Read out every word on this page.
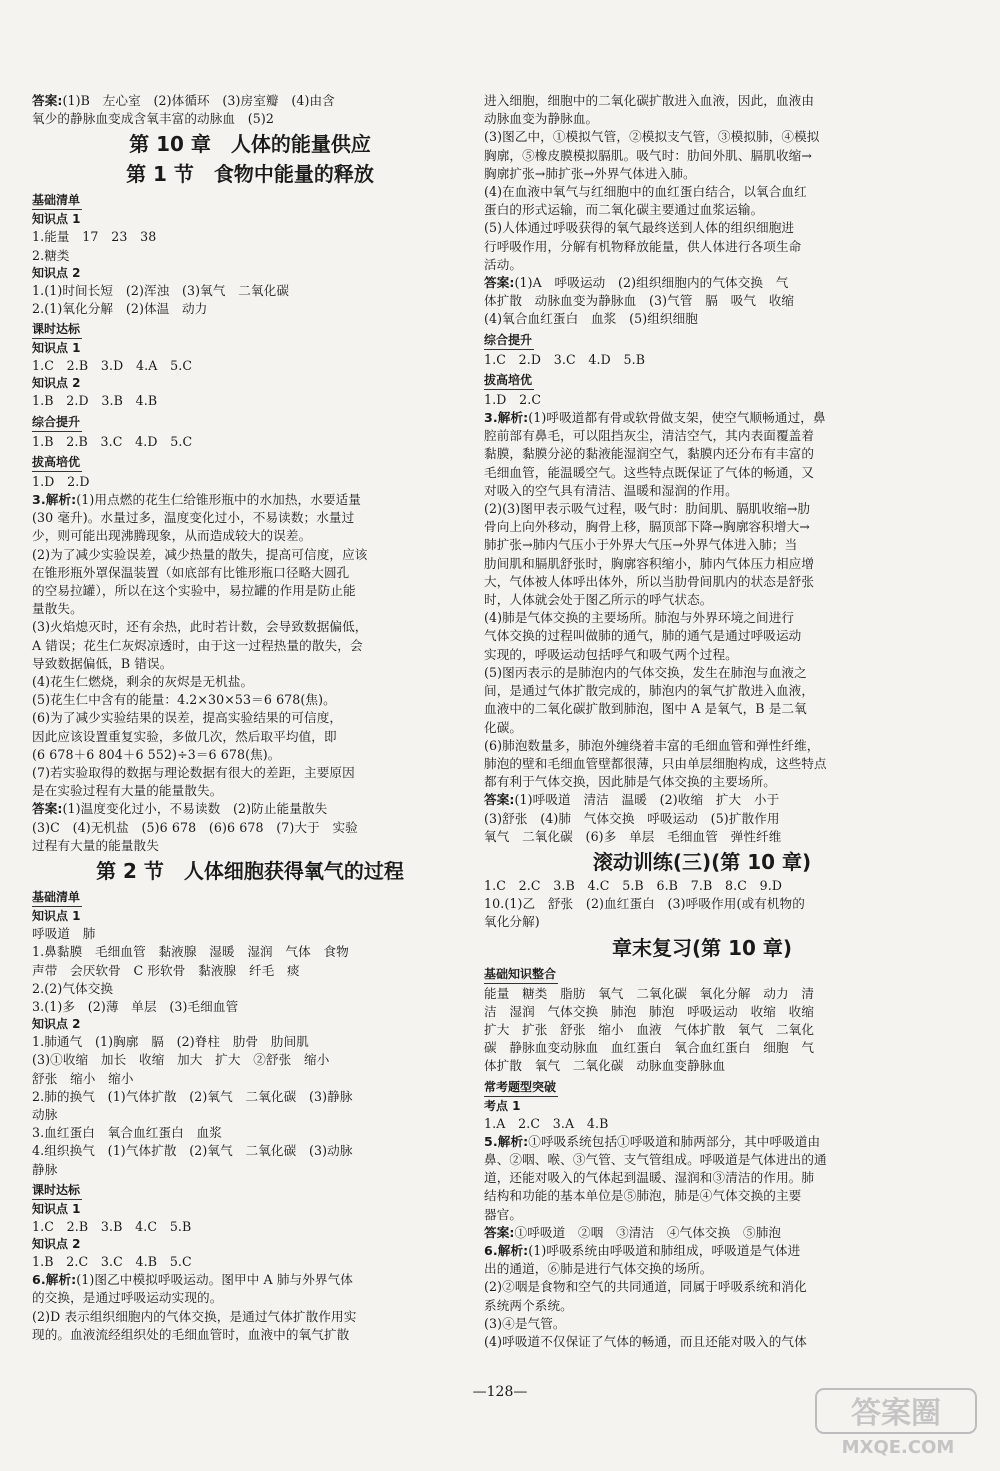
答案:(1)B　左心室　(2)体循环　(3)房室瓣　(4)由含
氧少的静脉血变成含氧丰富的动脉血　(5)2
第 10 章　人体的能量供应
第 1 节　食物中能量的释放
基础清单
知识点 1
1.能量　17　23　38
2.糖类
知识点 2
1.(1)时间长短　(2)浑浊　(3)氧气　二氧化碳
2.(1)氧化分解　(2)体温　动力
课时达标
知识点 1
1.C　2.B　3.D　4.A　5.C
知识点 2
1.B　2.D　3.B　4.B
综合提升
1.B　2.B　3.C　4.D　5.C
拔高培优
1.D　2.D
3.解析:(1)用点燃的花生仁给锥形瓶中的水加热，水要适量
(30 毫升)。水量过多，温度变化过小，不易读数；水量过
少，则可能出现沸腾现象，从而造成较大的误差。
(2)为了减少实验误差，减少热量的散失，提高可信度，应该
在锥形瓶外罩保温装置（如底部有比锥形瓶口径略大圆孔
的空易拉罐），所以在这个实验中，易拉罐的作用是防止能
量散失。
(3)火焰熄灭时，还有余热，此时若计数，会导致数据偏低，
A 错误；花生仁灰烬凉透时，由于这一过程热量的散失，会
导致数据偏低，B 错误。
(4)花生仁燃烧，剩余的灰烬是无机盐。
(5)花生仁中含有的能量：4.2×30×53＝6 678(焦)。
(6)为了减少实验结果的误差，提高实验结果的可信度，
因此应该设置重复实验，多做几次，然后取平均值，即
(6 678＋6 804＋6 552)÷3＝6 678(焦)。
(7)若实验取得的数据与理论数据有很大的差距，主要原因
是在实验过程有大量的能量散失。
答案:(1)温度变化过小，不易读数　(2)防止能量散失
(3)C　(4)无机盐　(5)6 678　(6)6 678　(7)大于　实验
过程有大量的能量散失
第 2 节　人体细胞获得氧气的过程
基础清单
知识点 1
呼吸道　肺
1.鼻黏膜　毛细血管　黏液腺　湿暖　湿润　气体　食物
声带　会厌软骨　C 形软骨　黏液腺　纤毛　痰
2.(2)气体交换
3.(1)多　(2)薄　单层　(3)毛细血管
知识点 2
1.肺通气　(1)胸廓　膈　(2)脊柱　肋骨　肋间肌
(3)①收缩　加长　收缩　加大　扩大　②舒张　缩小
舒张　缩小　缩小
2.肺的换气　(1)气体扩散　(2)氧气　二氧化碳　(3)静脉
动脉
3.血红蛋白　氧合血红蛋白　血浆
4.组织换气　(1)气体扩散　(2)氧气　二氧化碳　(3)动脉
静脉
课时达标
知识点 1
1.C　2.B　3.B　4.C　5.B
知识点 2
1.B　2.C　3.C　4.B　5.C
6.解析:(1)图乙中模拟呼吸运动。图甲中 A 肺与外界气体
的交换，是通过呼吸运动实现的。
(2)D 表示组织细胞内的气体交换，是通过气体扩散作用实
现的。血液流经组织处的毛细血管时，血液中的氧气扩散
进入细胞，细胞中的二氧化碳扩散进入血液，因此，血液由
动脉血变为静脉血。
(3)图乙中，①模拟气管，②模拟支气管，③模拟肺，④模拟
胸廓，⑤橡皮膜模拟膈肌。吸气时：肋间外肌、膈肌收缩→
胸廓扩张→肺扩张→外界气体进入肺。
(4)在血液中氧气与红细胞中的血红蛋白结合，以氧合血红
蛋白的形式运输，而二氧化碳主要通过血浆运输。
(5)人体通过呼吸获得的氧气最终送到人体的组织细胞进
行呼吸作用，分解有机物释放能量，供人体进行各项生命
活动。
答案:(1)A　呼吸运动　(2)组织细胞内的气体交换　气
体扩散　动脉血变为静脉血　(3)气管　膈　吸气　收缩
(4)氧合血红蛋白　血浆　(5)组织细胞
综合提升
1.C　2.D　3.C　4.D　5.B
拔高培优
1.D　2.C
3.解析:(1)呼吸道都有骨或软骨做支架，使空气顺畅通过，鼻
腔前部有鼻毛，可以阻挡灰尘，清洁空气，其内表面覆盖着
黏膜，黏膜分泌的黏液能湿润空气，黏膜内还分布有丰富的
毛细血管，能温暖空气。这些特点既保证了气体的畅通，又
对吸入的空气具有清洁、温暖和湿润的作用。
(2)(3)图甲表示吸气过程，吸气时：肋间肌、膈肌收缩→肋
骨向上向外移动，胸骨上移，膈顶部下降→胸廓容积增大→
肺扩张→肺内气压小于外界大气压→外界气体进入肺；当
肋间肌和膈肌舒张时，胸廓容积缩小，肺内气体压力相应增
大，气体被人体呼出体外，所以当肋骨间肌内的状态是舒张
时，人体就会处于图乙所示的呼气状态。
(4)肺是气体交换的主要场所。肺泡与外界环境之间进行
气体交换的过程叫做肺的通气，肺的通气是通过呼吸运动
实现的，呼吸运动包括呼气和吸气两个过程。
(5)图丙表示的是肺泡内的气体交换，发生在肺泡与血液之
间，是通过气体扩散完成的，肺泡内的氧气扩散进入血液，
血液中的二氧化碳扩散到肺泡，图中 A 是氧气，B 是二氧
化碳。
(6)肺泡数量多，肺泡外缠绕着丰富的毛细血管和弹性纤维，
肺泡的壁和毛细血管壁都很薄，只由单层细胞构成，这些特点
都有利于气体交换，因此肺是气体交换的主要场所。
答案:(1)呼吸道　清洁　温暖　(2)收缩　扩大　小于
(3)舒张　(4)肺　气体交换　呼吸运动　(5)扩散作用
氧气　二氧化碳　(6)多　单层　毛细血管　弹性纤维
滚动训练(三)(第 10 章)
1.C　2.C　3.B　4.C　5.B　6.B　7.B　8.C　9.D
10.(1)乙　舒张　(2)血红蛋白　(3)呼吸作用(或有机物的
氧化分解)
章末复习(第 10 章)
基础知识整合
能量　糖类　脂肪　氧气　二氧化碳　氧化分解　动力　清
洁　湿润　气体交换　肺泡　肺泡　呼吸运动　收缩　收缩
扩大　扩张　舒张　缩小　血液　气体扩散　氧气　二氧化
碳　静脉血变动脉血　血红蛋白　氧合血红蛋白　细胞　气
体扩散　氧气　二氧化碳　动脉血变静脉血
常考题型突破
考点 1
1.A　2.C　3.A　4.B
5.解析:①呼吸系统包括①呼吸道和肺两部分，其中呼吸道由
鼻、②咽、喉、③气管、支气管组成。呼吸道是气体进出的通
道，还能对吸入的气体起到温暖、湿润和③清洁的作用。肺
结构和功能的基本单位是⑤肺泡，肺是④气体交换的主要
器官。
答案:①呼吸道　②咽　③清洁　④气体交换　⑤肺泡
6.解析:(1)呼吸系统由呼吸道和肺组成，呼吸道是气体进
出的通道，⑥肺是进行气体交换的场所。
(2)②咽是食物和空气的共同通道，同属于呼吸系统和消化
系统两个系统。
(3)④是气管。
(4)呼吸道不仅保证了气体的畅通，而且还能对吸入的气体
—128—
答案圈
MXQE.COM
